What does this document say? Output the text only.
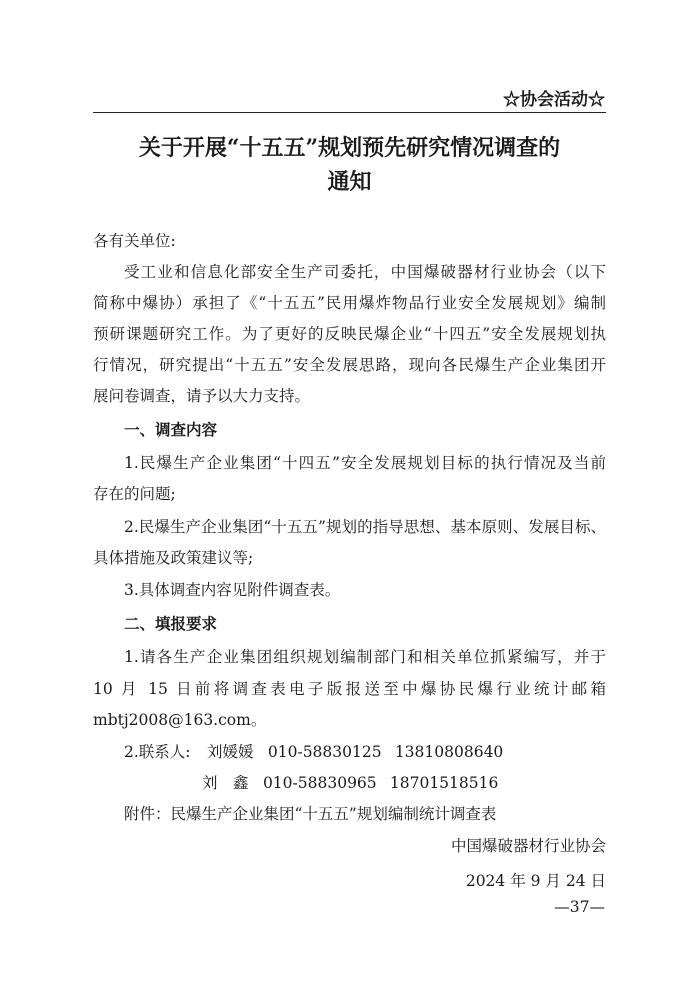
☆协会活动☆
关于开展“十五五”规划预先研究情况调查的
通知
各有关单位:
受工业和信息化部安全生产司委托，中国爆破器材行业协会（以下
简称中爆协）承担了《“十五五”民用爆炸物品行业安全发展规划》编制
预研课题研究工作。为了更好的反映民爆企业“十四五”安全发展规划执
行情况，研究提出“十五五”安全发展思路，现向各民爆生产企业集团开
展问卷调查，请予以大力支持。
一、调查内容
1.民爆生产企业集团“十四五”安全发展规划目标的执行情况及当前
存在的问题;
2.民爆生产企业集团“十五五”规划的指导思想、基本原则、发展目标、
具体措施及政策建议等;
3.具体调查内容见附件调查表。
二、填报要求
1.请各生产企业集团组织规划编制部门和相关单位抓紧编写，并于
10 月 15 日前将调查表电子版报送至中爆协民爆行业统计邮箱
mbtj2008@163.com。
2.联系人: 刘媛媛 010-58830125 13810808640
刘　鑫 010-58830965 18701518516
附件：民爆生产企业集团“十五五”规划编制统计调查表
中国爆破器材行业协会
2024 年 9 月 24 日
—37—
